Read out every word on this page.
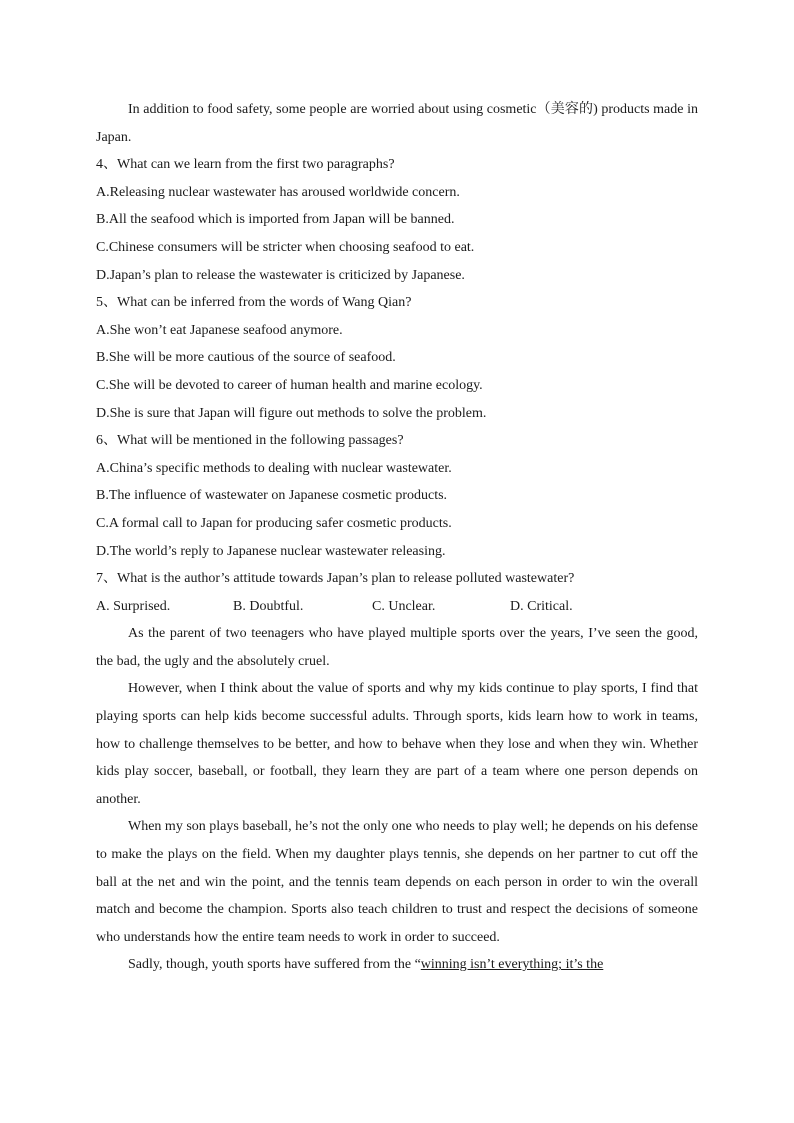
In addition to food safety, some people are worried about using cosmetic（美容的) products made in Japan.
4、What can we learn from the first two paragraphs?
A.Releasing nuclear wastewater has aroused worldwide concern.
B.All the seafood which is imported from Japan will be banned.
C.Chinese consumers will be stricter when choosing seafood to eat.
D.Japan’s plan to release the wastewater is criticized by Japanese.
5、What can be inferred from the words of Wang Qian?
A.She won’t eat Japanese seafood anymore.
B.She will be more cautious of the source of seafood.
C.She will be devoted to career of human health and marine ecology.
D.She is sure that Japan will figure out methods to solve the problem.
6、What will be mentioned in the following passages?
A.China’s specific methods to dealing with nuclear wastewater.
B.The influence of wastewater on Japanese cosmetic products.
C.A formal call to Japan for producing safer cosmetic products.
D.The world’s reply to Japanese nuclear wastewater releasing.
7、What is the author’s attitude towards Japan’s plan to release polluted wastewater?
A. Surprised.	B. Doubtful.	C. Unclear.	D. Critical.
As the parent of two teenagers who have played multiple sports over the years, I’ve seen the good, the bad, the ugly and the absolutely cruel.
However, when I think about the value of sports and why my kids continue to play sports, I find that playing sports can help kids become successful adults. Through sports, kids learn how to work in teams, how to challenge themselves to be better, and how to behave when they lose and when they win. Whether kids play soccer, baseball, or football, they learn they are part of a team where one person depends on another.
When my son plays baseball, he’s not the only one who needs to play well; he depends on his defense to make the plays on the field. When my daughter plays tennis, she depends on her partner to cut off the ball at the net and win the point, and the tennis team depends on each person in order to win the overall match and become the champion. Sports also teach children to trust and respect the decisions of someone who understands how the entire team needs to work in order to succeed.
Sadly, though, youth sports have suffered from the “winning isn’t everything; it’s the
